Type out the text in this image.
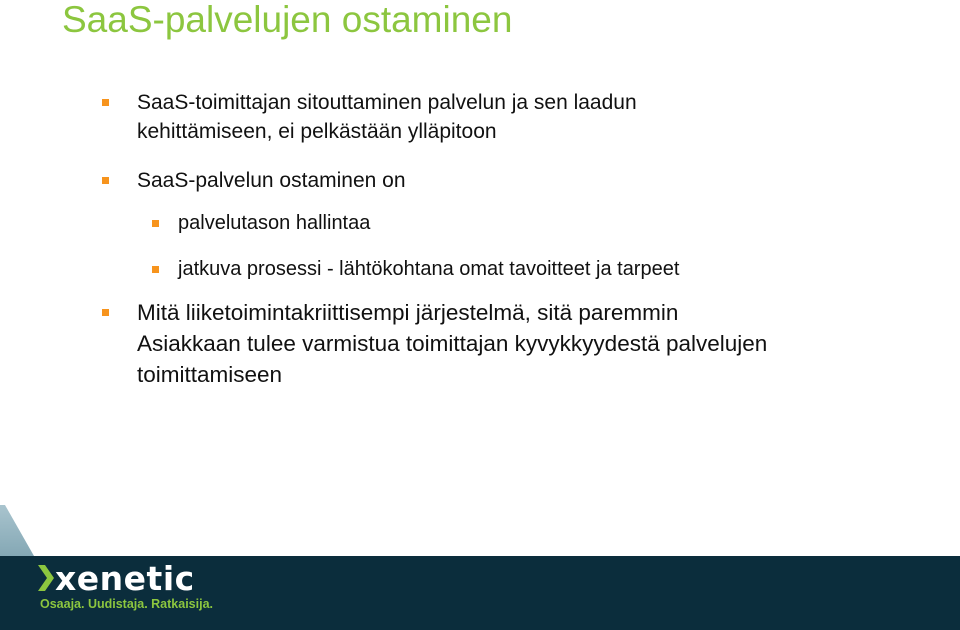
SaaS-palvelujen ostaminen
SaaS-toimittajan sitouttaminen palvelun ja sen laadun
kehittämiseen, ei pelkästään ylläpitoon
SaaS-palvelun ostaminen on
palvelutason hallintaa
jatkuva prosessi - lähtökohtana omat tavoitteet ja tarpeet
Mitä liiketoimintakriittisempi järjestelmä, sitä paremmin
Asiakkaan tulee varmistua toimittajan kyvykkyydestä palvelujen
toimittamiseen

xenetic

Osaaja. Uudistaja. Ratkaisija.
